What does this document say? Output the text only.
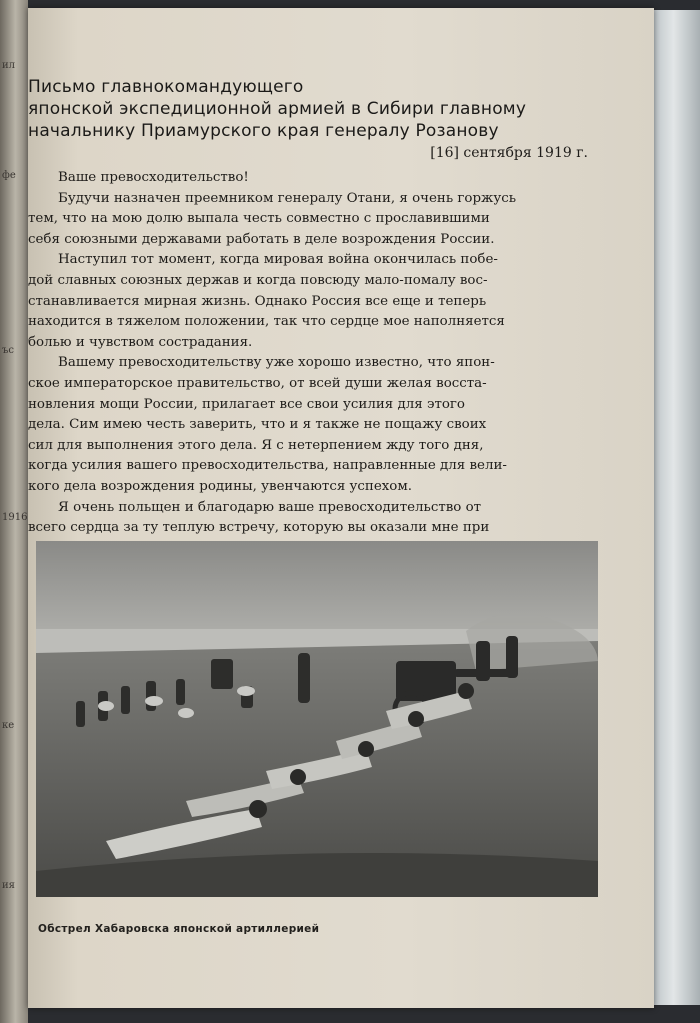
ил
фе
ъс
1916
ке
ия
Письмо главнокомандующего
японской экспедиционной армией в Сибири главному
начальнику Приамурского края генералу Розанову
[16] сентября 1919 г.

Ваше превосходительство!

Будучи назначен преемником генералу Отани, я очень горжусь
тем, что на мою долю выпала честь совместно с прославившими
себя союзными державами работать в деле возрождения России.

Наступил тот момент, когда мировая война окончилась побе-
дой славных союзных держав и когда повсюду мало-помалу вос-
станавливается мирная жизнь. Однако Россия все еще и теперь
находится в тяжелом положении, так что сердце мое наполняется
болью и чувством сострадания.

Вашему превосходительству уже хорошо известно, что япон-
ское императорское правительство, от всей души желая восста-
новления мощи России, прилагает все свои усилия для этого
дела. Сим имею честь заверить, что и я также не пощажу своих
сил для выполнения этого дела. Я с нетерпением жду того дня,
когда усилия вашего превосходительства, направленные для вели-
кого дела возрождения родины, увенчаются успехом.

Я очень польщен и благодарю ваше превосходительство от
всего сердца за ту теплую встречу, которую вы оказали мне при

Обстрел Хабаровска японской артиллерией
